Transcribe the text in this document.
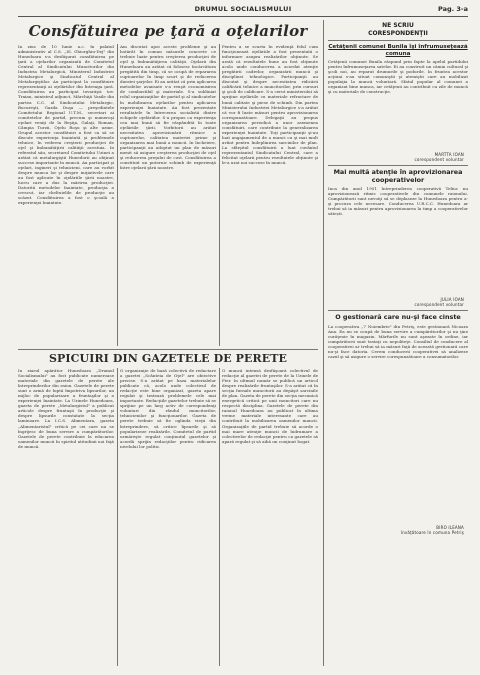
DRUMUL SOCIALISMULUI	Pag. 3-a
Consfătuirea pe ţară a oţelarilor
In zius de 10 lunie a.c. în palatul administrativ al C.S. „IS. Ghiorghiu-Dej" din Hunedoara s-a desfăşurat consfătuirea pe ţară a oţelarilor organizată de Comitetul Central al Sindicatului Muncitorilor din Industria Metalurgică, Ministerul Industriei Metalurgice şi Sindicatul Central al Metalurgiştilor. Au participat la consfătuire reprezentanţi ai oţelăriilor din întreaga ţară. Consfătuirea au participat tovarăşii: tov. Traian, ministrul adjunct, Mărchiţă Vasile din partea C.C. al Sindicatului Metalurgic, Bucureşti, Gazda Duşa — preşedintele Comitetului Regional U.T.M., secretari ai comitetelor de partid, precum şi numeroşi oţelari veniţi de la Reşiţa, Galaţi, Roman, Câmpia Turzii, Oţelu Roşu şi alte uzine. Grupul acestor consfătuiri a fost ca să se discute experienţa înaintată şi problemele tehnice, în vederea creşterii producţiei de oţel şi îmbunătăţirii calităţii acestuia. In referatul său, secretarul Comitetului Uzinei a arătat că metalurgiştii Hunedorii au obţinut succese importante în muncă. Au participat şi oţelari, ingineri şi tehnicieni, care au vorbit despre munca lor şi despre iniţiativele care au fost aplicate în oţelăriile ţării noastre, lucru care a dus la mărirea producţiei. Datorită metodelor înaintate, producţia a crescut, iar cheltuielile de producţie au scăzut. Consfătuirea a fost o şcoală a experienţei înaintate.
Am discutat apoi aceste probleme şi au hotărât în comun măsurile concrete ce trebuie luate pentru creşterea producţiei de oţel şi îmbunătăţirea calităţii. Oţelarii din Hunedoara au arătat că folosesc încărcătura pregătită din timp, că se ocupă de repararea cuptoarelor în timp scurt şi de reducerea duratei şarjelor. Ei au arătat că prin aplicarea metodelor avansate s-a reuşit economisirea de combustibil şi materiale. S-a subliniat rolul organizaţiilor de partid şi al sindicatelor în mobilizarea oţelarilor pentru aplicarea experienţei înaintate. Au fost prezentate rezultatele în întrecerea socialistă dintre echipele oţelăriilor. S-a propus ca experienţa cea mai bună să fie răspândită în toate oţelăriile ţării. Vorbitorii au arătat necesitatea aprovizionării ritmice a cuptoarelor, calitatea materiei prime şi organizarea mai bună a muncii. In încheiere, participanţii au adoptat un plan de măsuri menit să asigure creşterea producţiei de oţel şi reducerea preţului de cost. Consfătuirea a constituit un puternic schimb de experienţă între oţelarii ţării noastre.
Pentru a se scurta în evidenţă felul cum funcţionează oţelăriile a fost prezentată o informare asupra realizărilor obţinute. Se arată că rezultatele bune au fost obţinute acolo unde conducerea a acordat atenţie pregătirii cadrelor, organizării muncii şi disciplinei tehnologice. Participanţii au discutat şi despre necesitatea ridicării calificării tehnice a muncitorilor, prin cursuri şi şcoli de calificare. S-a cerut ministerului să sprijine oţelăriile cu materiale refractare de bună calitate şi piese de schimb. Din partea Ministerului Industriei Metalurgice s-a arătat că vor fi luate măsuri pentru aprovizionarea corespunzătoare. Delegaţii au propus organizarea periodică a unor asemenea consfătuiri, care contribuie la generalizarea experienţei înaintate. Toţi participanţii şi-au luat angajamentul de a munci cu şi mai mult avânt pentru îndeplinirea sarcinilor de plan. La sfârşitul consfătuirii a luat cuvântul reprezentantul Sindicatului Central, care a felicitat oţelarii pentru rezultatele obţinute şi le-a urat noi succese în muncă.
SPICUIRI DIN GAZETELE DE PERETE
In ziarul apărător Hunedoara „Drumul Socialismului" au fost publicate numeroase materiale din gazetele de perete ale întreprinderilor din raion. Gazetele de perete sunt o armă de luptă împotriva lipsurilor, un mijloc de popularizare a fruntaşilor şi a experienţei înaintate. La Uzinele Hunedoara, gazeta de perete „Metalurgistul" a publicat articole despre fruntaşii în producţie şi despre lipsurile constatate la secţia laminoare. La I.C.S. Alimentara, gazeta „Alimentaristul" critică pe cei care nu se îngrijesc de buna servire a cumpărătorilor. Gazetele de perete contribuie la educarea oamenilor muncii în spiritul atitudinii noi faţă de muncă.
O organizaţie de bază colectivă de redactare a gazetei „Scânteia de Oţel" are obiective precise. S-a arătat pe baza materialelor publicate că, acolo unde colectivul de redacţie este bine organizat, gazeta apare regulat şi tratează problemele cele mai importante. Redacţiile gazetelor trebuie să se sprijine pe un larg activ de corespondenţi voluntari din rândul muncitorilor, tehnicienilor şi funcţionarilor. Gazeta de perete trebuie să fie oglinda vieţii din întreprindere, să critice lipsurile şi să popularizeze realizările. Comitetul de partid urmăreşte regulat conţinutul gazetelor şi acordă sprijin redacţiilor pentru ridicarea nivelului lor politic.
O muncă intensă desfăşoară colectivul de redacţie al gazetei de perete de la Uzinele de Fier. In ultimul număr se publică un articol despre realizările fruntaşilor. S-a arătat că în secţia furnale muncitorii au depăşit sarcinile de plan. Gazeta de perete din secţia mecanică energetică critică pe unii muncitori care nu respectă disciplina. Gazetele de perete din raionul Hunedoara au publicat în ultima vreme materiale interesante care au contribuit la mobilizarea oamenilor muncii. Organizaţiile de partid trebuie să acorde o mai mare atenţie muncii de îndrumare a colectivelor de redacţie pentru ca gazetele să apară regulat şi să aibă un conţinut bogat.
NE SCRIU
CORESPONDENŢII
Cetăţenii comunei Bunila îşi înfrumuseţează comuna
Cetăţenii comunei Bunila răspund prin fapte la apelul partidului pentru înfrumuseţarea satelor. Ei au construit un cămin cultural şi şcoli noi, au reparat drumurile şi podurile. In fruntea acestor acţiuni s-au situat comuniştii şi utemiştii care au mobilizat populaţia la muncă voluntară. Sfatul popular al comunei a organizat bine munca, iar cetăţenii au contribuit cu zile de muncă şi cu materiale de construcţie.
MARTTA IOAN
corespondent voluntar
Mai multă atenţie în aprovizionarea cooperativelor
Inca din anul 1951 întreprinderea cooperativă Teliuc nu aprovizionează ritmic cooperativele din comunele raionului. Cumpărătorii sunt nevoiţi să se deplaseze la Hunedoara pentru a-şi procura cele necesare. Conducerea U.R.C.C. Hunedoara ar trebui să ia măsuri pentru aprovizionarea la timp a cooperativelor sătești.
JULIA IOAN
corespondent voluntar
O gestionară care nu-şi face cinste
La cooperativa „7 Noiembrie" din Petriş, este gestionară Nicoara Ana. Ea nu se ocupă de buna servire a cumpărătorilor şi nu ţine curăţenie în magazin. Mărfurile nu sunt aşezate în ordine, iar cumpărătorii sunt trataţi cu nepoliteţe. Consiliul de conducere al cooperativei ar trebui să ia măsuri faţă de această gestionară care nu-şi face datoria. Cerem conducerii cooperativei să analizeze cazul şi să asigure o servire corespunzătoare a consumatorilor.
BIRO ILEANA
învăţătoare în comuna Petriş
